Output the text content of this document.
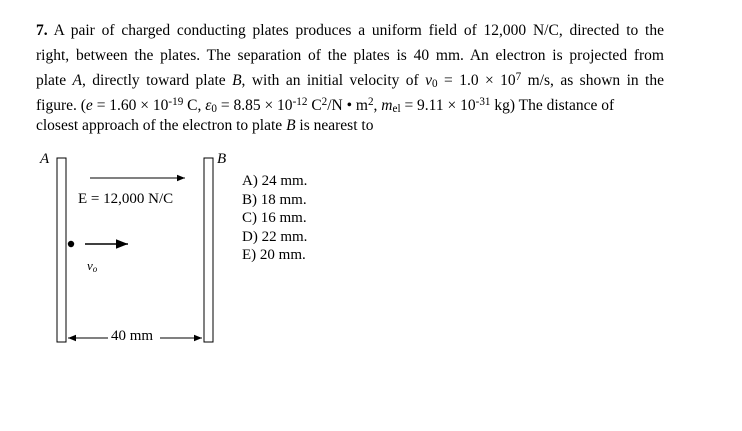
7. A pair of charged conducting plates produces a uniform field of 12,000 N/C, directed to the right, between the plates. The separation of the plates is 40 mm. An electron is projected from plate A, directly toward plate B, with an initial velocity of $v_0 = 1.0 \times 10^7$ m/s, as shown in the figure. ($e = 1.60 \times 10^{-19}$ C, $\varepsilon_0 = 8.85 \times 10^{-12}$ $C^2/N$ • $m^2$, $m_{el} = 9.11 \times 10^{-31}$ kg) The distance of
closest approach of the electron to plate B is nearest to
A	B
E = 12,000 N/C
$v_o$
40 mm
A) 24 mm.
B) 18 mm.
C) 16 mm.
D) 22 mm.
E) 20 mm.
